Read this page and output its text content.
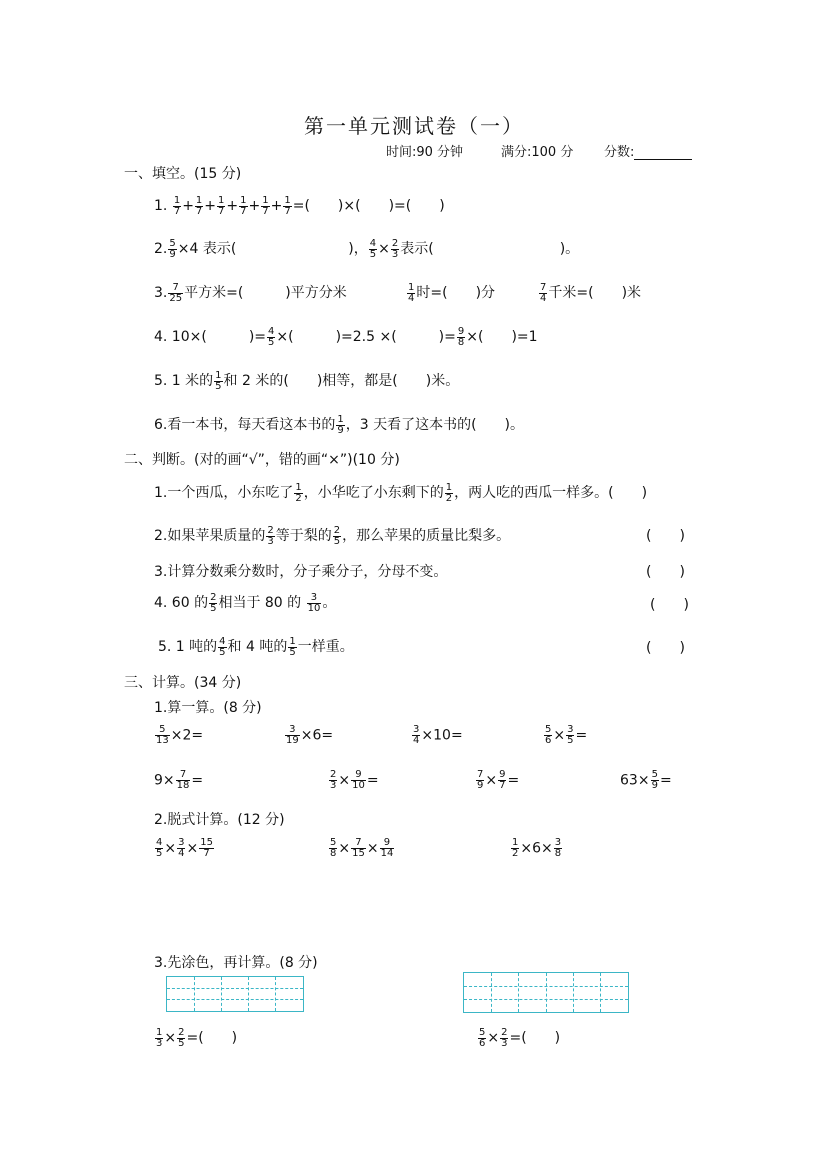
第一单元测试卷（一）
时间:90 分钟	满分:100 分 分数:
一、填空。(15 分)
1. $\frac{1}{7} + \frac{1}{7} + \frac{1}{7} + \frac{1}{7} + \frac{1}{7} + \frac{1}{7}$ =(　　)×(　　)=(　　)
2. $\frac{5}{9} \times 4$ 表示(　　　　　　　　)， $\frac{4}{5} \times \frac{2}{3}$ 表示(　　　　　　　　　)。
3. $\frac{7}{25}$ 平方米=(　　　)平方分米	$\frac{1}{4}$ 时=(　　)分	$\frac{7}{4}$ 千米=(　　)米
4. 10×(　　　)= $\frac{4}{5}$ ×(　　　)=2.5 ×(　　　)= $\frac{9}{8}$ ×(　　)=1
5. 1 米的 $\frac{1}{5}$ 和 2 米的(　　)相等，都是(　　)米。
6.看一本书，每天看这本书的 $\frac{1}{9}$ ，3 天看了这本书的(　　)。
二、判断。(对的画“√”，错的画“×”)(10 分)
1.一个西瓜，小东吃了 $\frac{1}{2}$ ，小华吃了小东剩下的 $\frac{1}{2}$ ，两人吃的西瓜一样多。(　　)
2.如果苹果质量的 $\frac{2}{3}$ 等于梨的 $\frac{2}{5}$ ，那么苹果的质量比梨多。	(　　)
3.计算分数乘分数时，分子乘分子，分母不变。	(　　)
4. 60 的 $\frac{2}{5}$ 相当于 80 的 $\frac{3}{10}$ 。	(　　)
5. 1 吨的 $\frac{4}{5}$ 和 4 吨的 $\frac{1}{5}$ 一样重。	(　　)
三、计算。(34 分)
1.算一算。(8 分)
$\frac{5}{13} \times 2=$	$\frac{3}{19} \times 6=$	$\frac{3}{4} \times 10=$	$\frac{5}{6} \times \frac{3}{5}$ =
$9\times \frac{7}{18}$ =	$\frac{2}{3} \times \frac{9}{10}$ =	$\frac{7}{9} \times \frac{9}{7}$ =	$63\times \frac{5}{9}$ =
2.脱式计算。(12 分)
$\frac{4}{5} \times \frac{3}{4} \times \frac{15}{7}$	$\frac{5}{8} \times \frac{7}{15} \times \frac{9}{14}$	$\frac{1}{2} \times 6\times \frac{3}{8}$
3.先涂色，再计算。(8 分)
$\frac{1}{3} \times \frac{2}{5}$ =(　　)	$\frac{5}{6} \times \frac{2}{3}$ =(　　)
